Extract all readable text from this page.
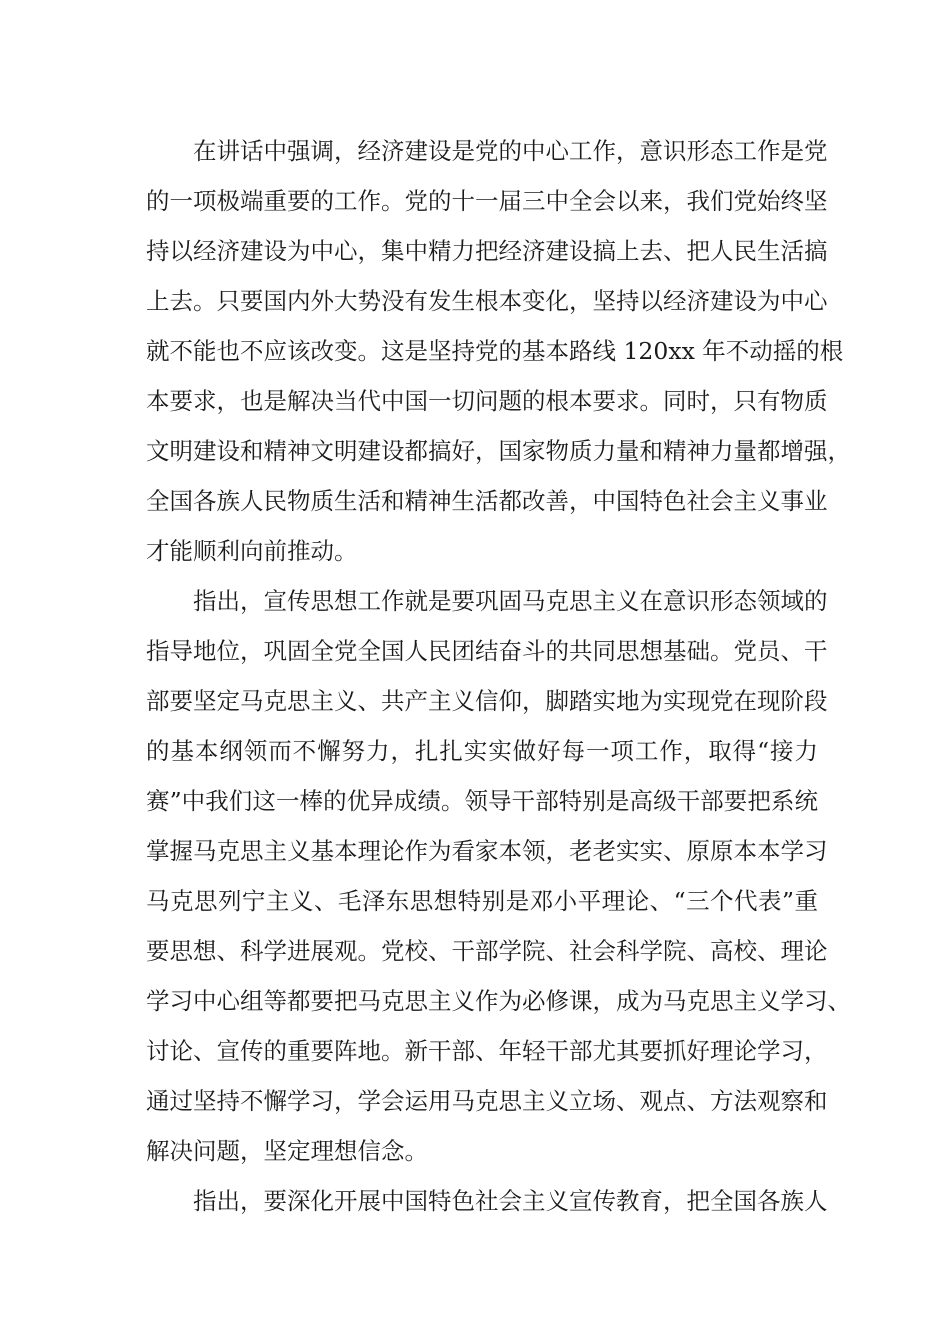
在讲话中强调，经济建设是党的中心工作，意识形态工作是党
的一项极端重要的工作。党的十一届三中全会以来，我们党始终坚
持以经济建设为中心，集中精力把经济建设搞上去、把人民生活搞
上去。只要国内外大势没有发生根本变化，坚持以经济建设为中心
就不能也不应该改变。这是坚持党的基本路线 120xx 年不动摇的根
本要求，也是解决当代中国一切问题的根本要求。同时，只有物质
文明建设和精神文明建设都搞好，国家物质力量和精神力量都增强，
全国各族人民物质生活和精神生活都改善，中国特色社会主义事业
才能顺利向前推动。
指出，宣传思想工作就是要巩固马克思主义在意识形态领域的
指导地位，巩固全党全国人民团结奋斗的共同思想基础。党员、干
部要坚定马克思主义、共产主义信仰，脚踏实地为实现党在现阶段
的基本纲领而不懈努力，扎扎实实做好每一项工作，取得“接力
赛”中我们这一棒的优异成绩。领导干部特别是高级干部要把系统
掌握马克思主义基本理论作为看家本领，老老实实、原原本本学习
马克思列宁主义、毛泽东思想特别是邓小平理论、“三个代表”重
要思想、科学进展观。党校、干部学院、社会科学院、高校、理论
学习中心组等都要把马克思主义作为必修课，成为马克思主义学习、
讨论、宣传的重要阵地。新干部、年轻干部尤其要抓好理论学习，
通过坚持不懈学习，学会运用马克思主义立场、观点、方法观察和
解决问题，坚定理想信念。
指出，要深化开展中国特色社会主义宣传教育，把全国各族人
